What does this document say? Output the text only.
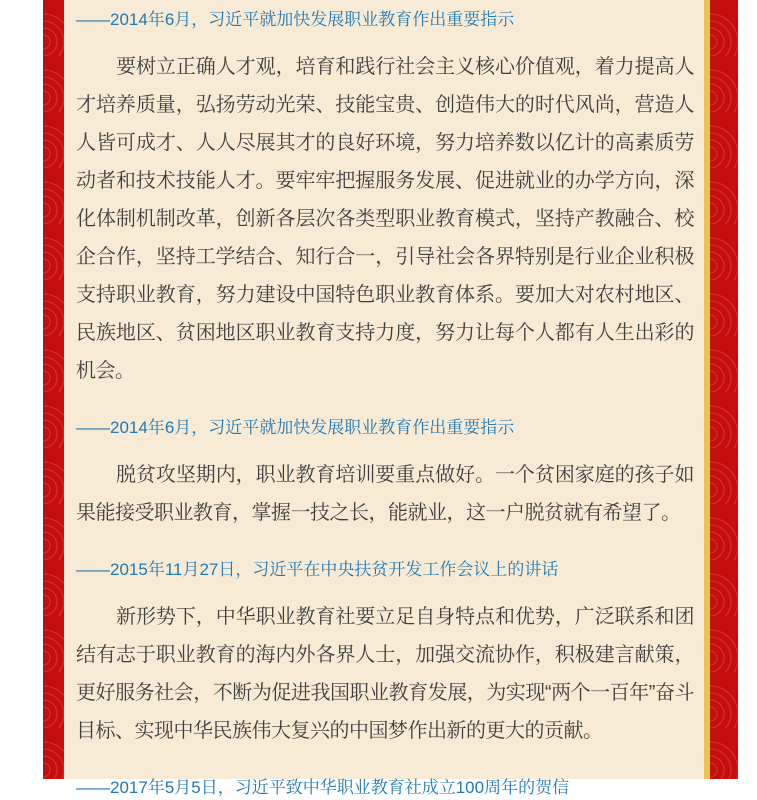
——2014年6月，习近平就加快发展职业教育作出重要指示

要树立正确人才观，培育和践行社会主义核心价值观，着力提高人才培养质量，弘扬劳动光荣、技能宝贵、创造伟大的时代风尚，营造人人皆可成才、人人尽展其才的良好环境，努力培养数以亿计的高素质劳动者和技术技能人才。要牢牢把握服务发展、促进就业的办学方向，深化体制机制改革，创新各层次各类型职业教育模式，坚持产教融合、校企合作，坚持工学结合、知行合一，引导社会各界特别是行业企业积极支持职业教育，努力建设中国特色职业教育体系。要加大对农村地区、民族地区、贫困地区职业教育支持力度，努力让每个人都有人生出彩的机会。

——2014年6月，习近平就加快发展职业教育作出重要指示

脱贫攻坚期内，职业教育培训要重点做好。一个贫困家庭的孩子如果能接受职业教育，掌握一技之长，能就业，这一户脱贫就有希望了。

——2015年11月27日，习近平在中央扶贫开发工作会议上的讲话

新形势下，中华职业教育社要立足自身特点和优势，广泛联系和团结有志于职业教育的海内外各界人士，加强交流协作，积极建言献策，更好服务社会，不断为促进我国职业教育发展，为实现“两个一百年”奋斗目标、实现中华民族伟大复兴的中国梦作出新的更大的贡献。

——2017年5月5日，习近平致中华职业教育社成立100周年的贺信
